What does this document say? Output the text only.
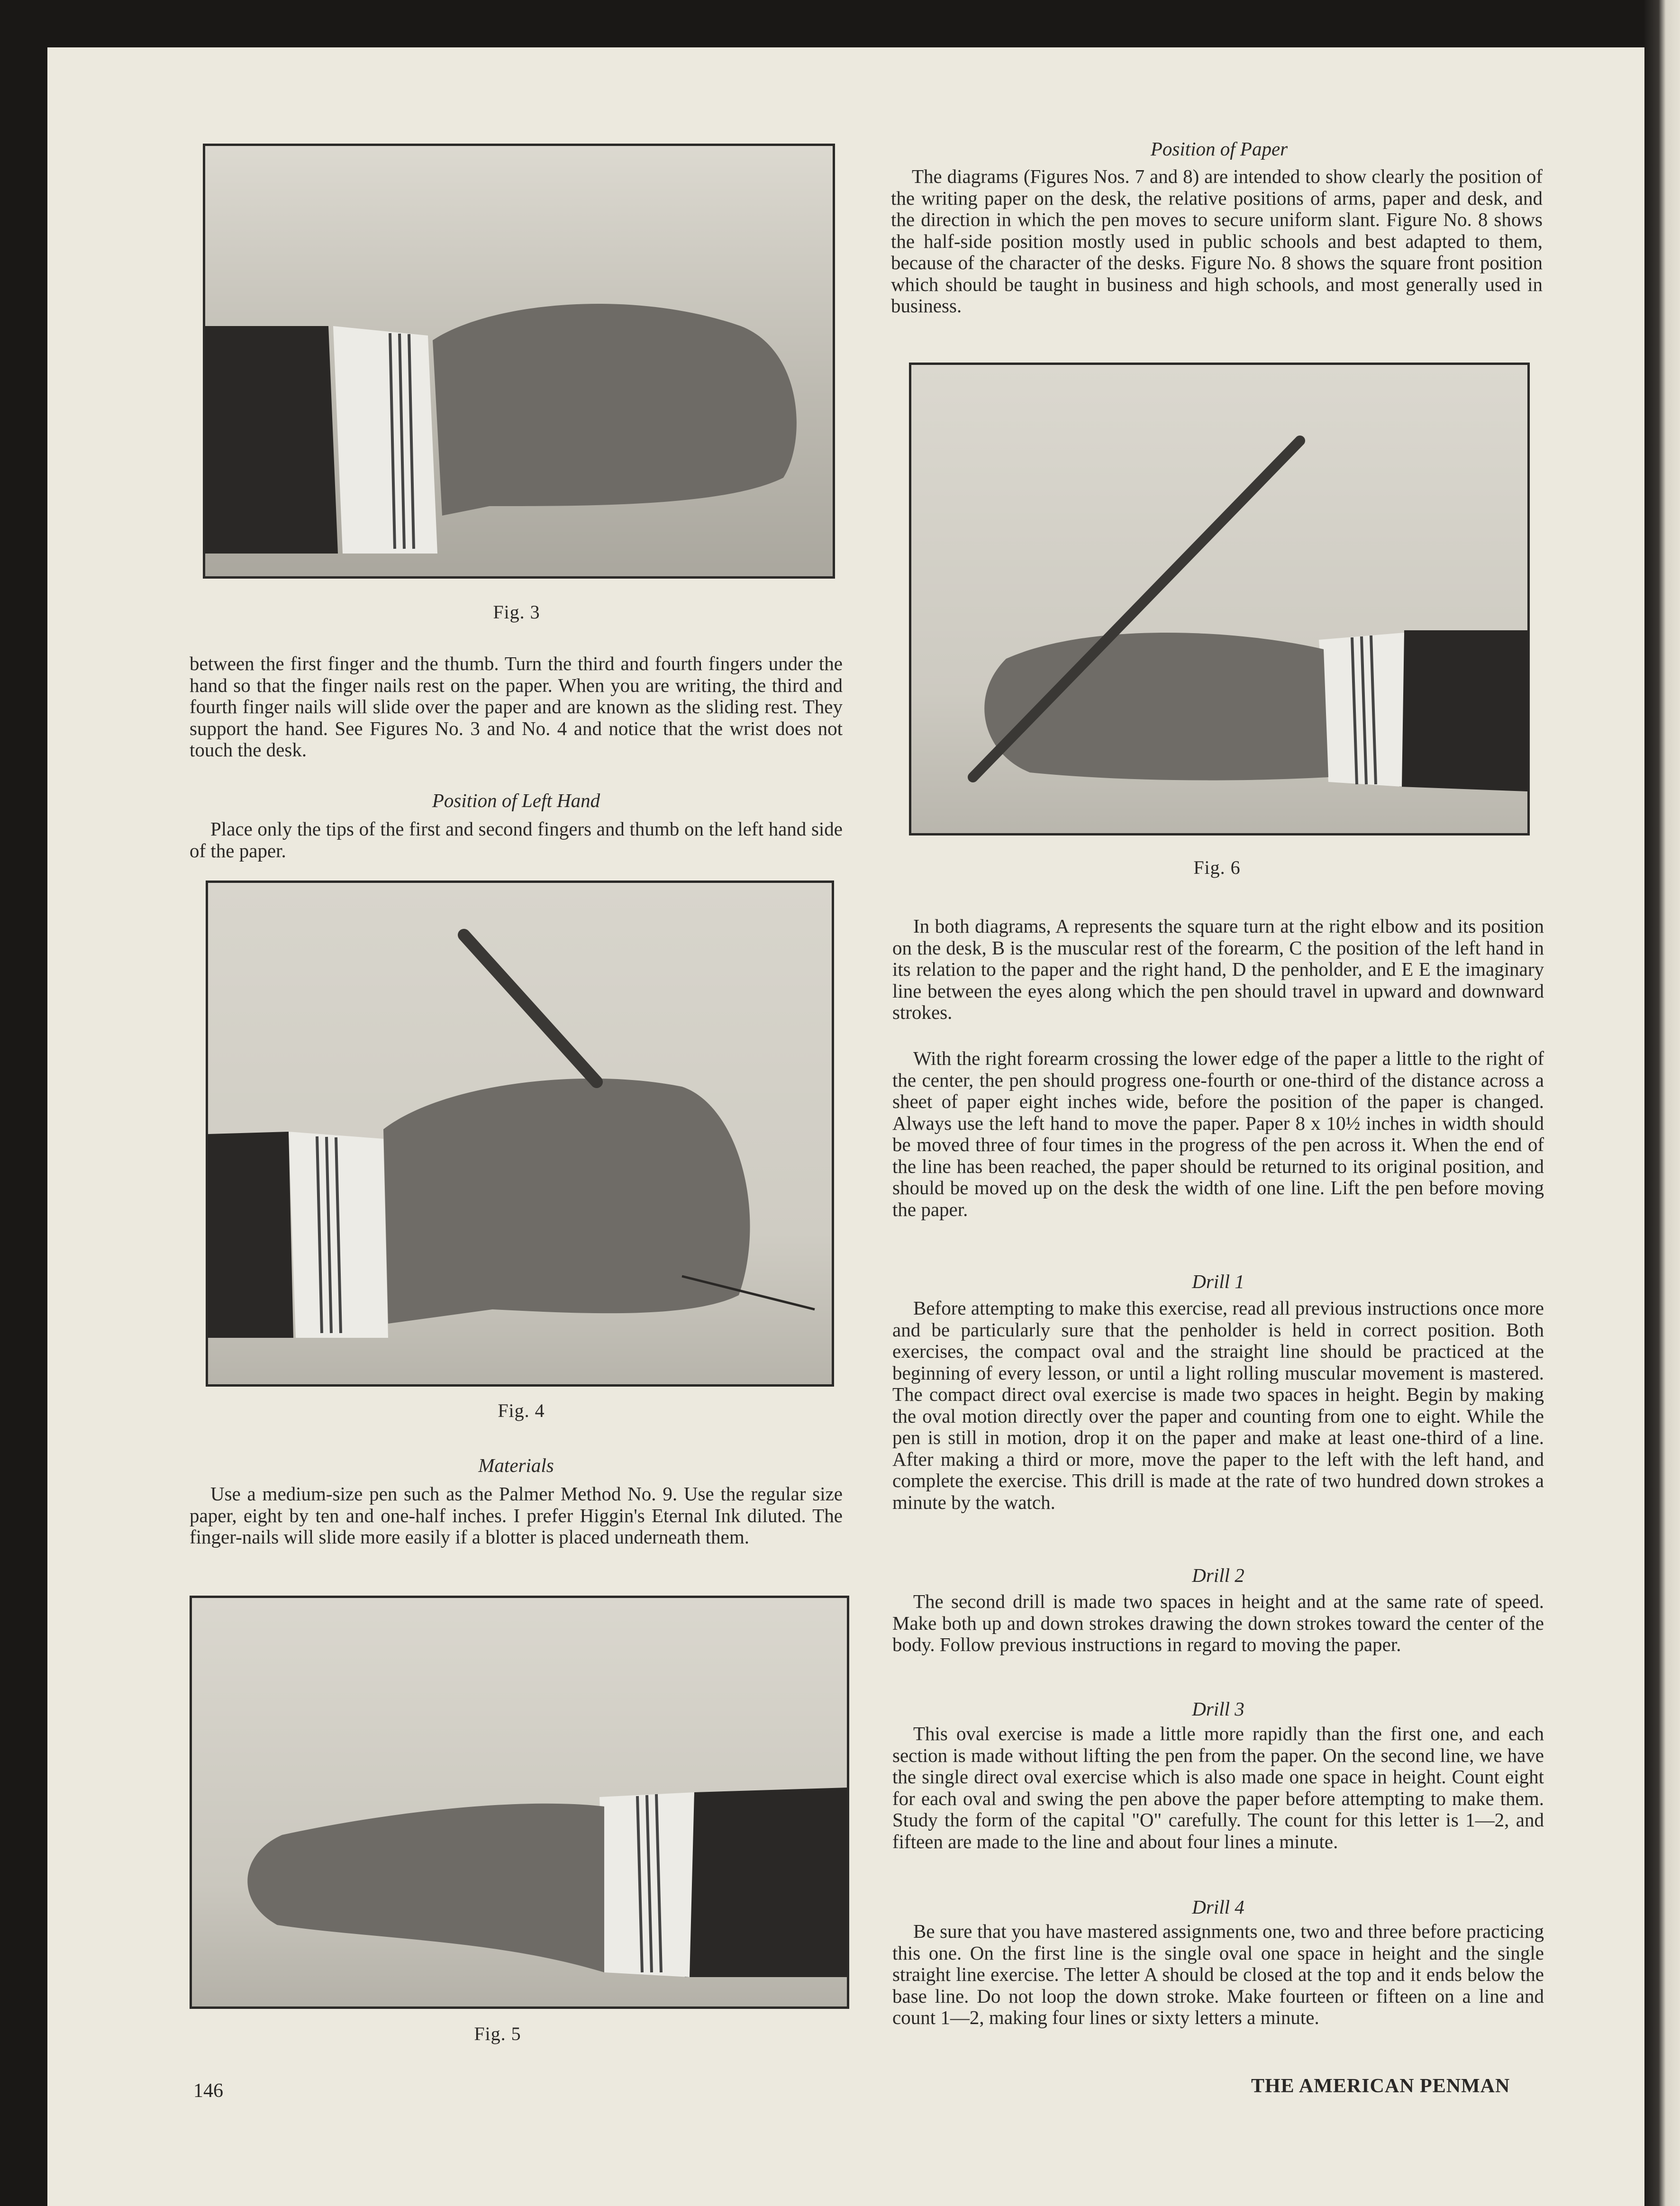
Fig. 3

between the first finger and the thumb. Turn the third and fourth fingers under the hand so that the finger nails rest on the paper. When you are writing, the third and fourth finger nails will slide over the paper and are known as the sliding rest. They support the hand. See Figures No. 3 and No. 4 and notice that the wrist does not touch the desk.

Position of Left Hand

Place only the tips of the first and second fingers and thumb on the left hand side of the paper.

Fig. 4
Materials

Use a medium-size pen such as the Palmer Method No. 9. Use the regular size paper, eight by ten and one-half inches. I prefer Higgin's Eternal Ink diluted. The finger-nails will slide more easily if a blotter is placed underneath them.

Fig. 5
146
Position of Paper

The diagrams (Figures Nos. 7 and 8) are intended to show clearly the position of the writing paper on the desk, the relative positions of arms, paper and desk, and the direction in which the pen moves to secure uniform slant. Figure No. 8 shows the half-side position mostly used in public schools and best adapted to them, because of the character of the desks. Figure No. 8 shows the square front position which should be taught in business and high schools, and most generally used in business.

Fig. 6

In both diagrams, A represents the square turn at the right elbow and its position on the desk, B is the muscular rest of the forearm, C the position of the left hand in its relation to the paper and the right hand, D the penholder, and E E the imaginary line between the eyes along which the pen should travel in upward and downward strokes.

With the right forearm crossing the lower edge of the paper a little to the right of the center, the pen should progress one-fourth or one-third of the distance across a sheet of paper eight inches wide, before the position of the paper is changed. Always use the left hand to move the paper. Paper 8 x 10½ inches in width should be moved three of four times in the progress of the pen across it. When the end of the line has been reached, the paper should be returned to its original position, and should be moved up on the desk the width of one line. Lift the pen before moving the paper.

Drill 1

Before attempting to make this exercise, read all previous instructions once more and be particularly sure that the penholder is held in correct position. Both exercises, the compact oval and the straight line should be practiced at the beginning of every lesson, or until a light rolling muscular movement is mastered. The compact direct oval exercise is made two spaces in height. Begin by making the oval motion directly over the paper and counting from one to eight. While the pen is still in motion, drop it on the paper and make at least one-third of a line. After making a third or more, move the paper to the left with the left hand, and complete the exercise. This drill is made at the rate of two hundred down strokes a minute by the watch.

Drill 2

The second drill is made two spaces in height and at the same rate of speed. Make both up and down strokes drawing the down strokes toward the center of the body. Follow previous instructions in regard to moving the paper.

Drill 3

This oval exercise is made a little more rapidly than the first one, and each section is made without lifting the pen from the paper. On the second line, we have the single direct oval exercise which is also made one space in height. Count eight for each oval and swing the pen above the paper before attempting to make them. Study the form of the capital "O" carefully. The count for this letter is 1—2, and fifteen are made to the line and about four lines a minute.

Drill 4

Be sure that you have mastered assignments one, two and three before practicing this one. On the first line is the single oval one space in height and the single straight line exercise. The letter A should be closed at the top and it ends below the base line. Do not loop the down stroke. Make fourteen or fifteen on a line and count 1—2, making four lines or sixty letters a minute.

THE AMERICAN PENMAN
